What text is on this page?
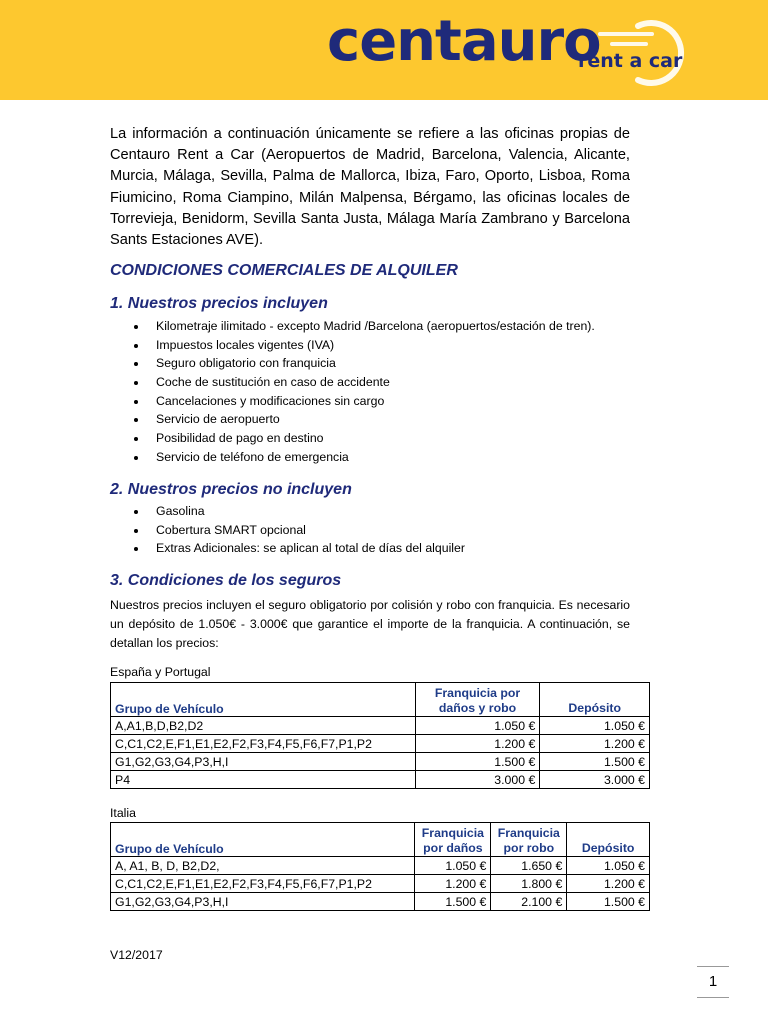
centauro
rent a car
La información a continuación únicamente se refiere a las oficinas propias de Centauro Rent a Car (Aeropuertos de Madrid, Barcelona, Valencia, Alicante, Murcia, Málaga, Sevilla, Palma de Mallorca, Ibiza, Faro, Oporto, Lisboa, Roma Fiumicino, Roma Ciampino, Milán Malpensa, Bérgamo, las oficinas locales de Torrevieja, Benidorm, Sevilla Santa Justa, Málaga María Zambrano y Barcelona Sants Estaciones AVE).
CONDICIONES COMERCIALES DE ALQUILER
1. Nuestros precios incluyen
Kilometraje ilimitado - excepto Madrid /Barcelona (aeropuertos/estación de tren).
Impuestos locales vigentes (IVA)
Seguro obligatorio con franquicia
Coche de sustitución en caso de accidente
Cancelaciones y modificaciones sin cargo
Servicio de aeropuerto
Posibilidad de pago en destino
Servicio de teléfono de emergencia
2. Nuestros precios no incluyen
Gasolina
Cobertura SMART opcional
Extras Adicionales: se aplican al total de días del alquiler
3. Condiciones de los seguros
Nuestros precios incluyen el seguro obligatorio por colisión y robo con franquicia. Es necesario un depósito de 1.050€ - 3.000€ que garantice el importe de la franquicia. A continuación, se detallan los precios:
España y Portugal
Grupo de Vehículo	Franquicia por daños y robo	Depósito
A,A1,B,D,B2,D2	1.050 €	1.050 €
C,C1,C2,E,F1,E1,E2,F2,F3,F4,F5,F6,F7,P1,P2	1.200 €	1.200 €
G1,G2,G3,G4,P3,H,I	1.500 €	1.500 €
P4	3.000 €	3.000 €
Italia
Grupo de Vehículo	Franquicia por daños	Franquicia por robo	Depósito
A, A1, B, D, B2,D2,	1.050 €	1.650 €	1.050 €
C,C1,C2,E,F1,E1,E2,F2,F3,F4,F5,F6,F7,P1,P2	1.200 €	1.800 €	1.200 €
G1,G2,G3,G4,P3,H,I	1.500 €	2.100 €	1.500 €
V12/2017
1
